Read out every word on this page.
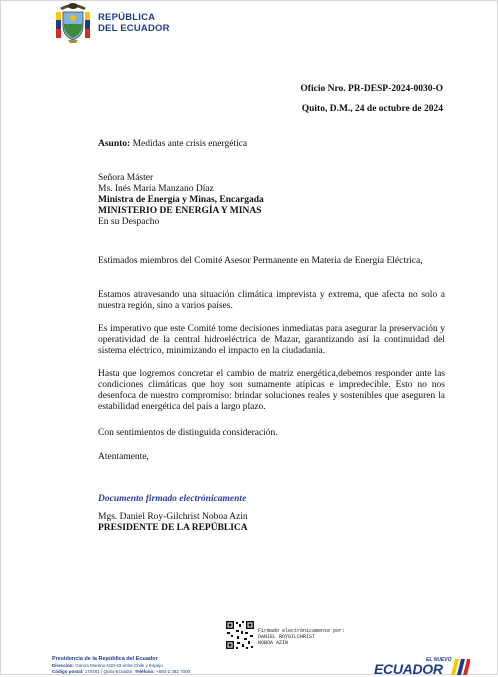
REPÚBLICA
DEL ECUADOR
Oficio Nro. PR-DESP-2024-0030-O
Quito, D.M., 24 de octubre de 2024
Asunto: Medidas ante crisis energética
Señora Máster
Ms. Inés María Manzano Díaz
Ministra de Energía y Minas, Encargada
MINISTERIO DE ENERGÍA Y MINAS
En su Despacho
Estimados miembros del Comité Asesor Permanente en Materia de Energía Eléctrica,
Estamos atravesando una situación climática imprevista y extrema, que afecta no solo a nuestra región, sino a varios países.
Es imperativo que este Comité tome decisiones inmediatas para asegurar la preservación y operatividad de la central hidroeléctrica de Mazar, garantizando así la continuidad del sistema eléctrico, minimizando el impacto en la ciudadanía.
Hasta que logremos concretar el cambio de matriz energética,debemos responder ante las condiciones climáticas que hoy son sumamente atípicas e impredecible. Esto no nos desenfoca de nuestro compromiso: brindar soluciones reales y sostenibles que aseguren la estabilidad energética del país a largo plazo.
Con sentimientos de distinguida consideración.
Atentamente,
Documento firmado electrónicamente
Mgs. Daniel Roy-Gilchrist Noboa Azin
PRESIDENTE DE LA REPÚBLICA
Firmado electrónicamente por:
DANIEL ROYGILCHRIST
NOBOA AZIN
Presidencia de la República del Ecuador
Dirección: García Moreno N10-43 entre Chile y Espejo
Código postal: 170401 / Quito-Ecuador. Teléfono: +593-2 382 7000
EL NUEVO
ECUADOR
